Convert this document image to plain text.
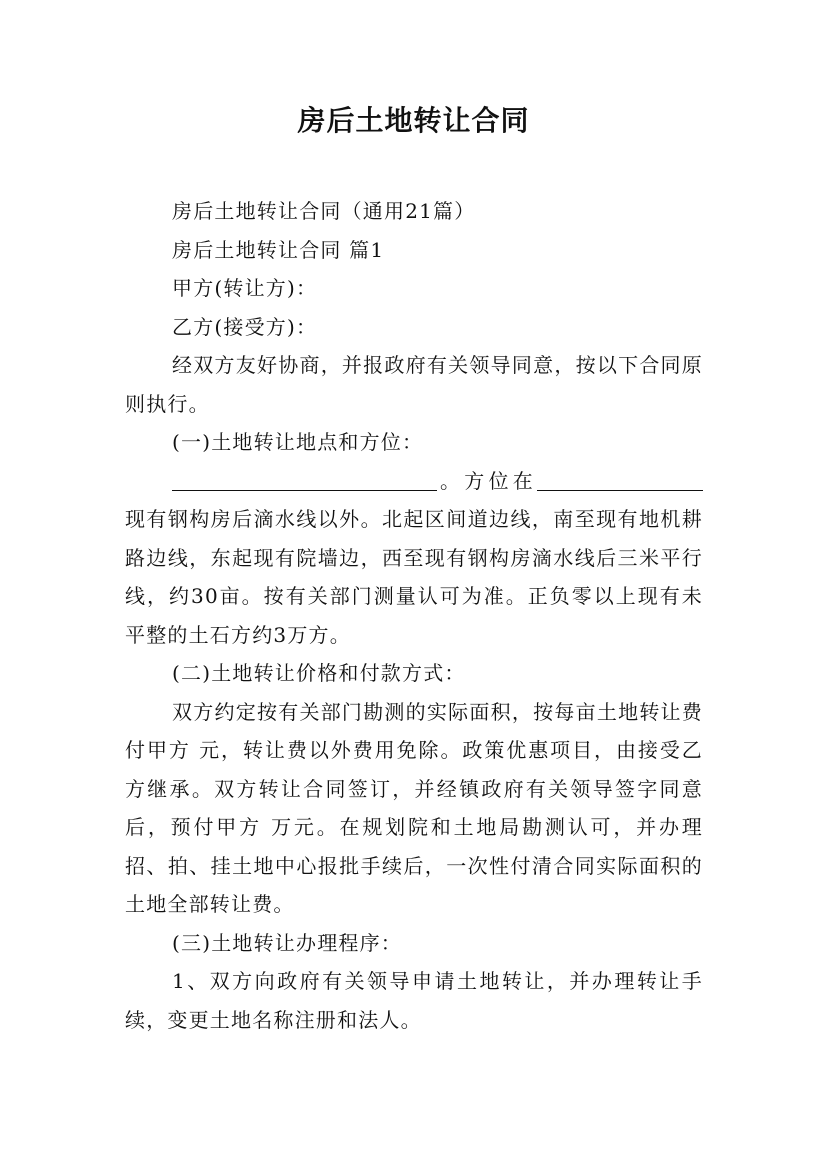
房后土地转让合同

房后土地转让合同（通用21篇）

房后土地转让合同 篇1

甲方(转让方)：

乙方(接受方)：

经双方友好协商，并报政府有关领导同意，按以下合同原则执行。

(一)土地转让地点和方位：

。方位在现有钢构房后滴水线以外。北起区间道边线，南至现有地机耕路边线，东起现有院墙边，西至现有钢构房滴水线后三米平行线，约30亩。按有关部门测量认可为准。正负零以上现有未平整的土石方约3万方。

(二)土地转让价格和付款方式：

双方约定按有关部门勘测的实际面积，按每亩土地转让费付甲方 元，转让费以外费用免除。政策优惠项目，由接受乙方继承。双方转让合同签订，并经镇政府有关领导签字同意后，预付甲方 万元。在规划院和土地局勘测认可，并办理招、拍、挂土地中心报批手续后，一次性付清合同实际面积的土地全部转让费。

(三)土地转让办理程序：

1、双方向政府有关领导申请土地转让，并办理转让手续，变更土地名称注册和法人。
